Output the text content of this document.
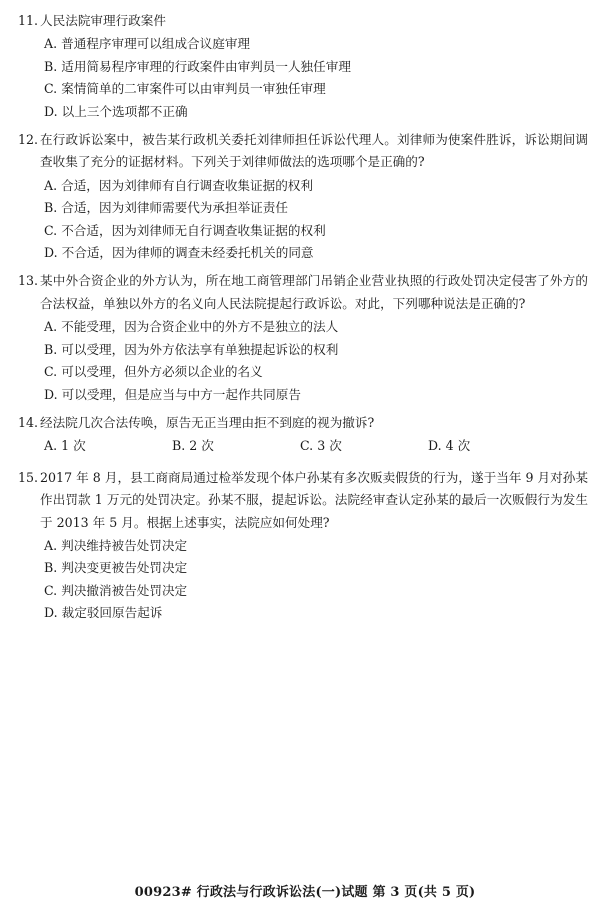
11. 人民法院审理行政案件
A. 普通程序审理可以组成合议庭审理
B. 适用简易程序审理的行政案件由审判员一人独任审理
C. 案情简单的二审案件可以由审判员一审独任审理
D. 以上三个选项都不正确
12. 在行政诉讼案中，被告某行政机关委托刘律师担任诉讼代理人。刘律师为使案件胜诉，诉讼期间调查收集了充分的证据材料。下列关于刘律师做法的选项哪个是正确的?
A. 合适，因为刘律师有自行调查收集证据的权利
B. 合适，因为刘律师需要代为承担举证责任
C. 不合适，因为刘律师无自行调查收集证据的权利
D. 不合适，因为律师的调查未经委托机关的同意
13. 某中外合资企业的外方认为，所在地工商管理部门吊销企业营业执照的行政处罚决定侵害了外方的合法权益，单独以外方的名义向人民法院提起行政诉讼。对此，下列哪种说法是正确的?
A. 不能受理，因为合资企业中的外方不是独立的法人
B. 可以受理，因为外方依法享有单独提起诉讼的权利
C. 可以受理，但外方必须以企业的名义
D. 可以受理，但是应当与中方一起作共同原告
14. 经法院几次合法传唤，原告无正当理由拒不到庭的视为撤诉?
A. 1 次	B. 2 次	C. 3 次	D. 4 次
15. 2017 年 8 月，县工商商局通过检举发现个体户孙某有多次贩卖假货的行为，遂于当年 9 月对孙某作出罚款 1 万元的处罚决定。孙某不服，提起诉讼。法院经审查认定孙某的最后一次贩假行为发生于 2013 年 5 月。根据上述事实，法院应如何处理?
A. 判决维持被告处罚决定
B. 判决变更被告处罚决定
C. 判决撤消被告处罚决定
D. 裁定驳回原告起诉
00923# 行政法与行政诉讼法(一)试题 第 3 页(共 5 页)
